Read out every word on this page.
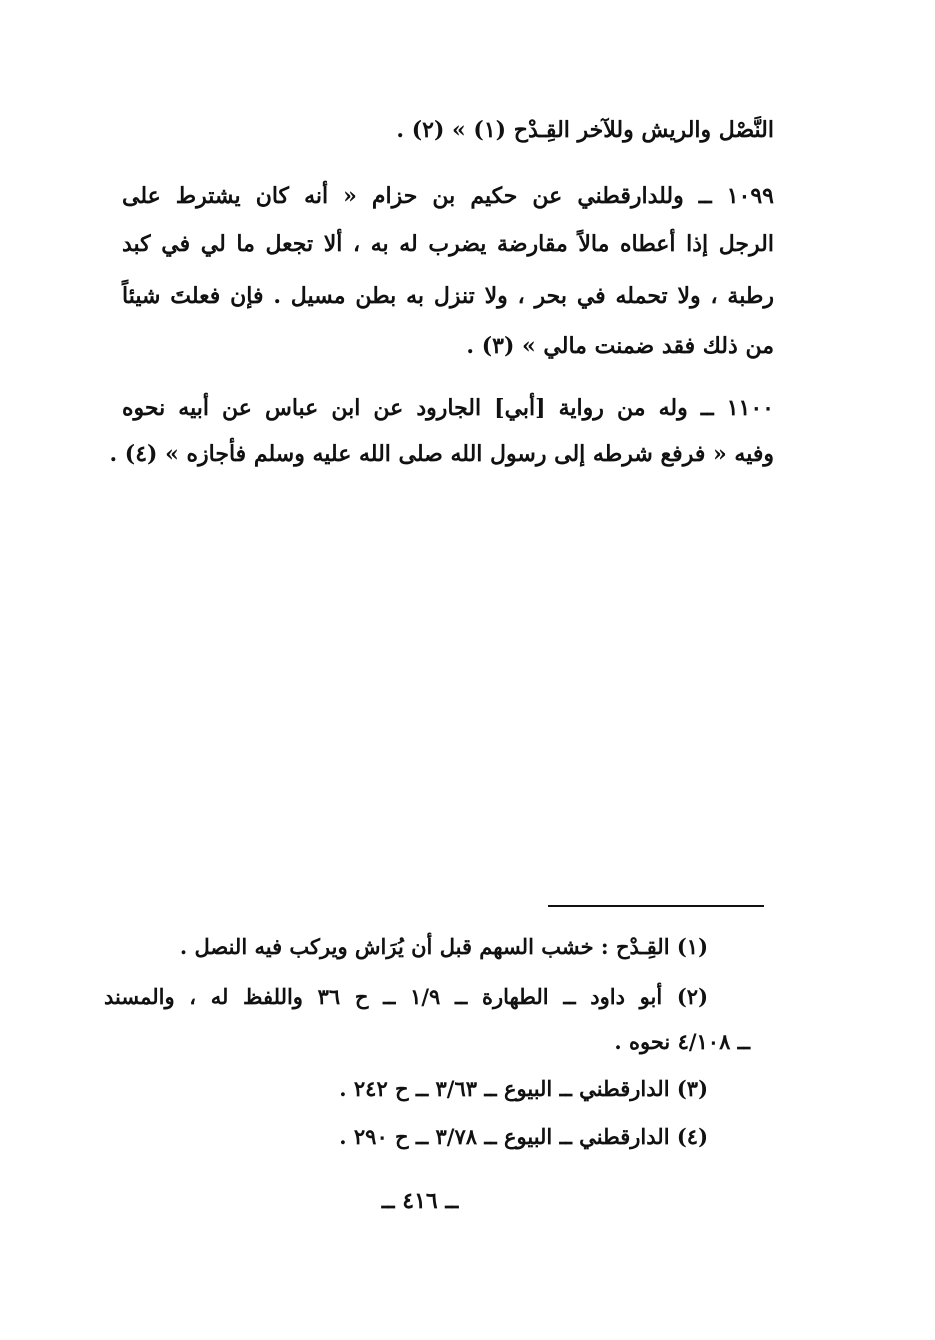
النَّصْل والريش وللآخر القِـدْح (١) » (٢) .
١٠٩٩ ــ وللدارقطني عن حكيم بن حزام « أنه كان يشترط على
الرجل إذا أعطاه مالاً مقارضة يضرب له به ، ألا تجعل ما لي في كبد
رطبة ، ولا تحمله في بحر ، ولا تنزل به بطن مسيل . فإن فعلتَ شيئاً
من ذلك فقد ضمنت مالي » (٣) .
١١٠٠ ــ وله من رواية [أبي] الجارود عن ابن عباس عن أبيه نحوه
وفيه « فرفع شرطه إلى رسول الله صلى الله عليه وسلم فأجازه » (٤) .
(١) القِـدْح : خشب السهم قبل أن يُرَاش ويركب فيه النصل .
(٢) أبو داود ــ الطهارة ــ ١/٩ ــ ح ٣٦ واللفظ له ، والمسند
ــ ٤/١٠٨ نحوه .
(٣) الدارقطني ــ البيوع ــ ٣/٦٣ ــ ح ٢٤٢ .
(٤) الدارقطني ــ البيوع ــ ٣/٧٨ ــ ح ٢٩٠ .
ــ ٤١٦ ــ
